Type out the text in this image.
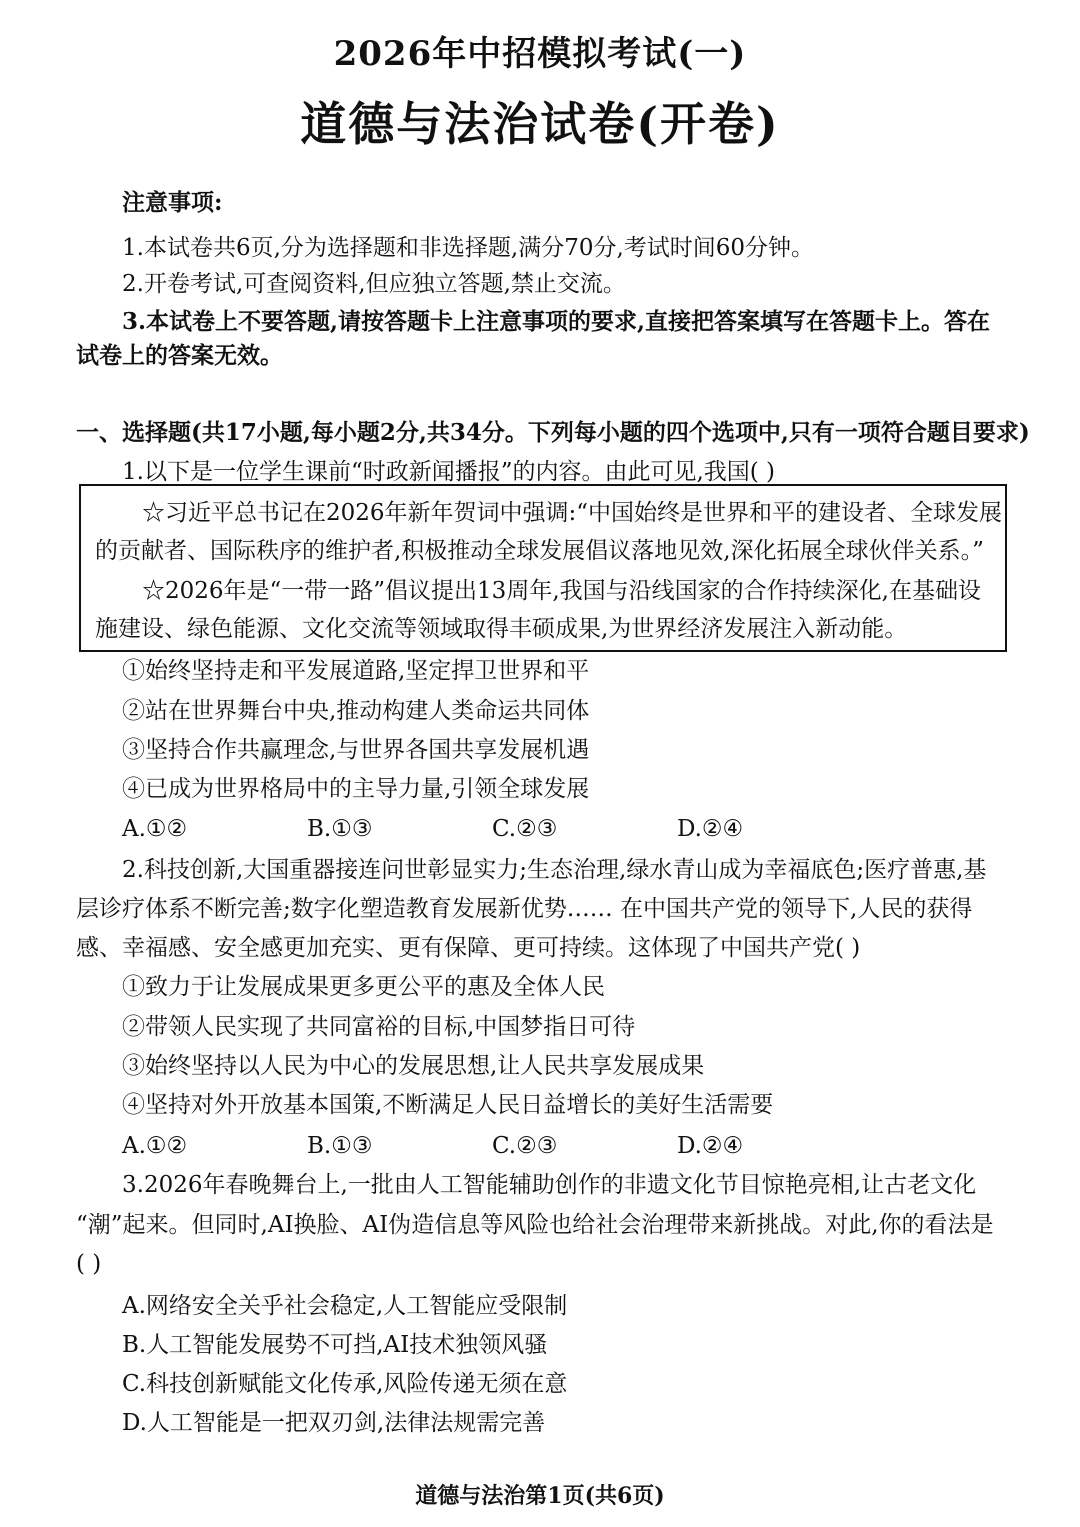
2026年中招模拟考试(一)
道德与法治试卷(开卷)
注意事项:
1.本试卷共6页,分为选择题和非选择题,满分70分,考试时间60分钟。
2.开卷考试,可查阅资料,但应独立答题,禁止交流。
3.本试卷上不要答题,请按答题卡上注意事项的要求,直接把答案填写在答题卡上。答在
试卷上的答案无效。
一、选择题(共17小题,每小题2分,共34分。下列每小题的四个选项中,只有一项符合题目要求)
1.以下是一位学生课前“时政新闻播报”的内容。由此可见,我国( )
☆习近平总书记在2026年新年贺词中强调:“中国始终是世界和平的建设者、全球发展
的贡献者、国际秩序的维护者,积极推动全球发展倡议落地见效,深化拓展全球伙伴关系。”
☆2026年是“一带一路”倡议提出13周年,我国与沿线国家的合作持续深化,在基础设
施建设、绿色能源、文化交流等领域取得丰硕成果,为世界经济发展注入新动能。
①始终坚持走和平发展道路,坚定捍卫世界和平
②站在世界舞台中央,推动构建人类命运共同体
③坚持合作共赢理念,与世界各国共享发展机遇
④已成为世界格局中的主导力量,引领全球发展
A.①②	B.①③	C.②③	D.②④
2.科技创新,大国重器接连问世彰显实力;生态治理,绿水青山成为幸福底色;医疗普惠,基
层诊疗体系不断完善;数字化塑造教育发展新优势…… 在中国共产党的领导下,人民的获得
感、幸福感、安全感更加充实、更有保障、更可持续。这体现了中国共产党( )
①致力于让发展成果更多更公平的惠及全体人民
②带领人民实现了共同富裕的目标,中国梦指日可待
③始终坚持以人民为中心的发展思想,让人民共享发展成果
④坚持对外开放基本国策,不断满足人民日益增长的美好生活需要
A.①②	B.①③	C.②③	D.②④
3.2026年春晚舞台上,一批由人工智能辅助创作的非遗文化节目惊艳亮相,让古老文化
“潮”起来。但同时,AI换脸、AI伪造信息等风险也给社会治理带来新挑战。对此,你的看法是
( )
A.网络安全关乎社会稳定,人工智能应受限制
B.人工智能发展势不可挡,AI技术独领风骚
C.科技创新赋能文化传承,风险传递无须在意
D.人工智能是一把双刃剑,法律法规需完善
道德与法治第1页(共6页)
